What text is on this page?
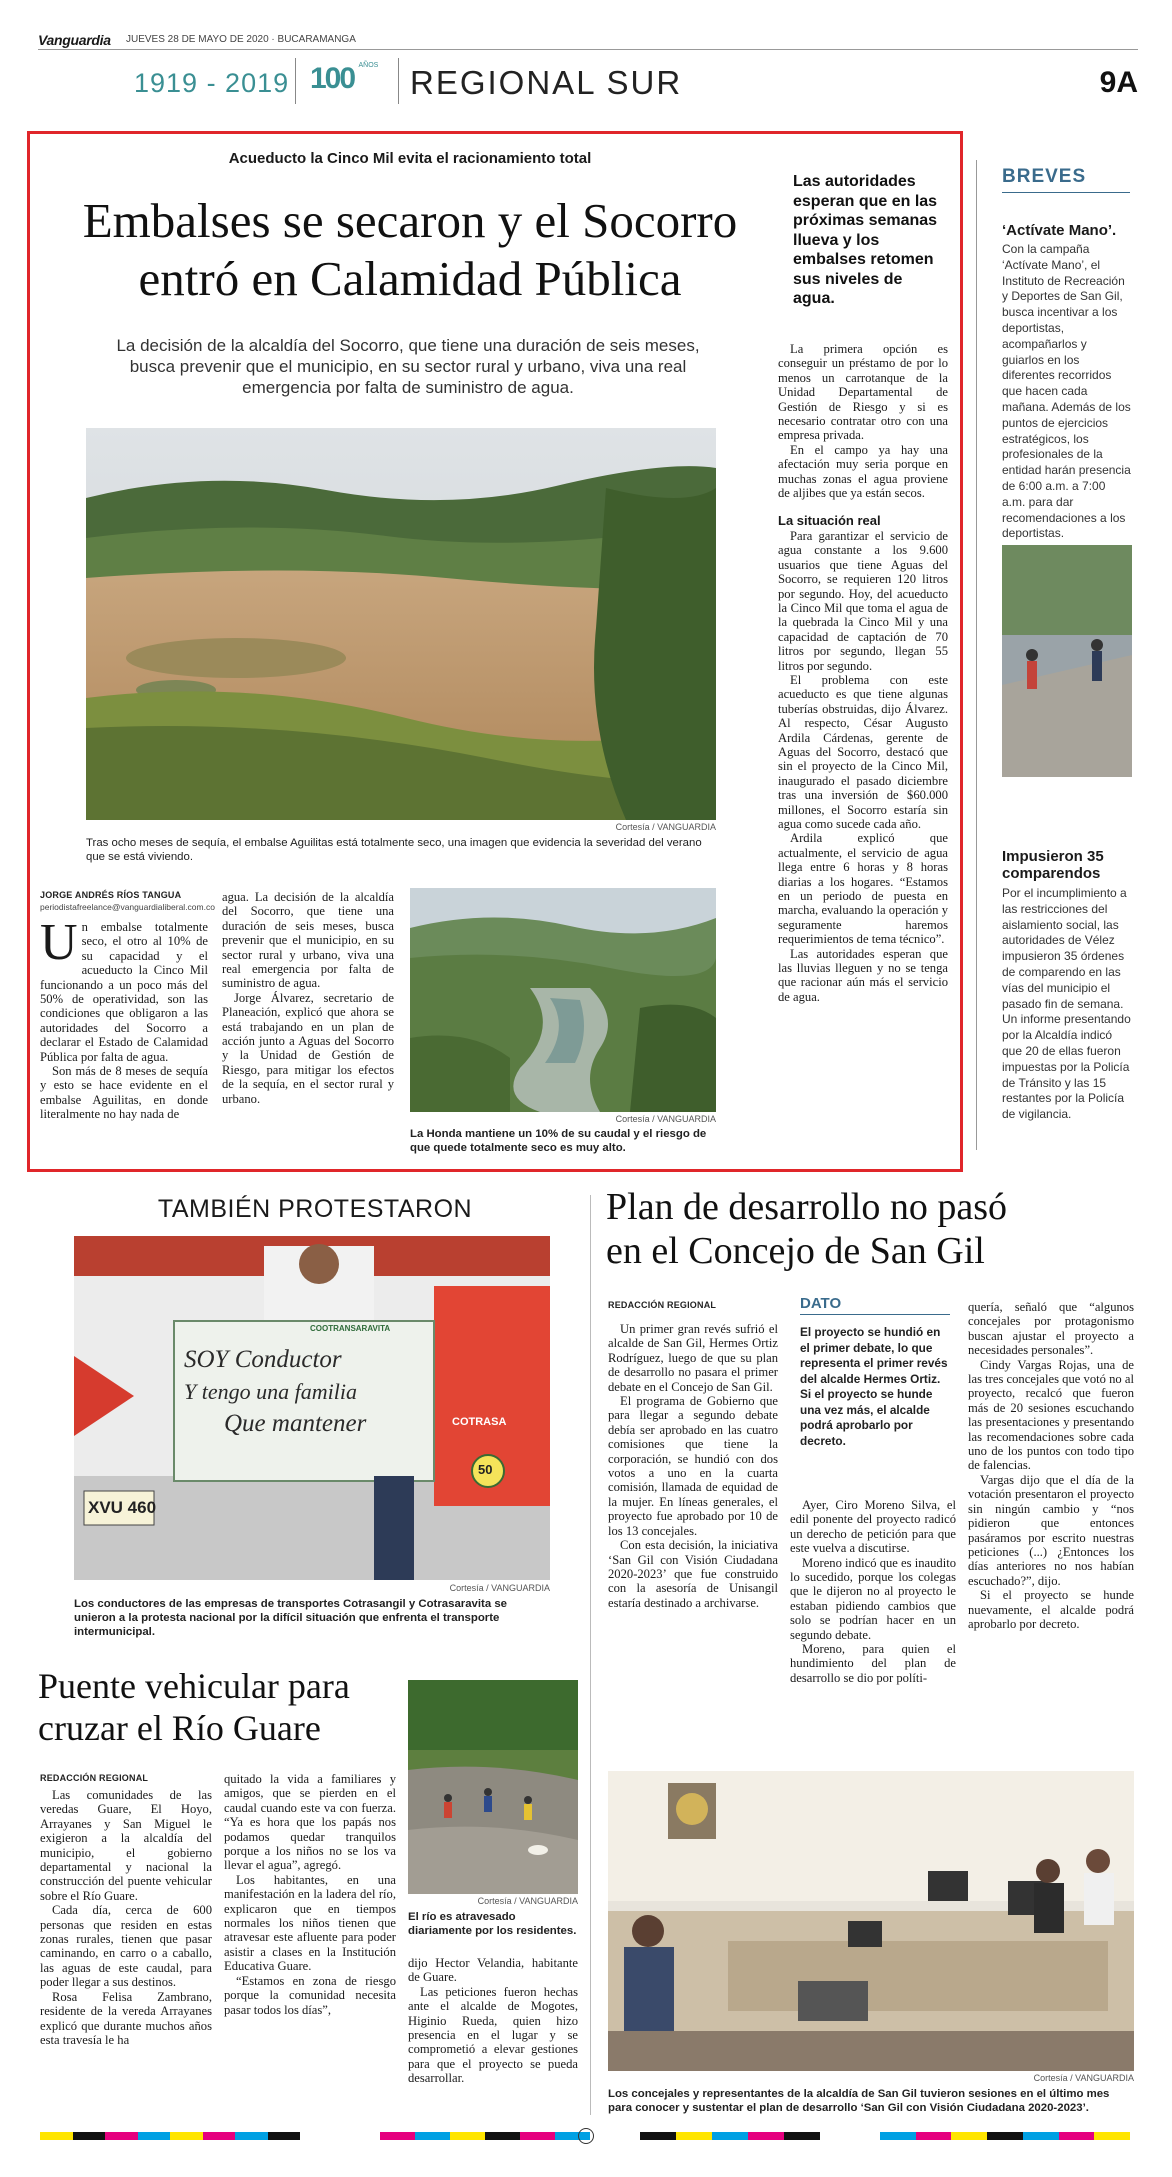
Vanguardia JUEVES 28 DE MAYO DE 2020 · BUCARAMANGA
1919 - 2019 100 $^{AÑOS}$ REGIONAL SUR	9A
Acueducto la Cinco Mil evita el racionamiento total
Embalses se secaron y el Socorro
entró en Calamidad Pública
La decisión de la alcaldía del Socorro, que tiene una duración de seis meses, busca prevenir que el municipio, en su sector rural y urbano, viva una real emergencia por falta de suministro de agua.
Cortesía / VANGUARDIA
Tras ocho meses de sequía, el embalse Aguilitas está totalmente seco, una imagen que evidencia la severidad del verano que se está viviendo.
JORGE ANDRÉS RÍOS TANGUA
periodistafreelance@vanguardialiberal.com.co

Un embalse totalmente seco, el otro al 10% de su capacidad y el acueducto la Cinco Mil funcionando a un poco más del 50% de operatividad, son las condiciones que obligaron a las autoridades del Socorro a declarar el Estado de Calamidad Pública por falta de agua.

Son más de 8 meses de sequía y esto se hace evidente en el embalse Aguilitas, en donde literalmente no hay nada de

agua. La decisión de la alcaldía del Socorro, que tiene una duración de seis meses, busca prevenir que el municipio, en su sector rural y urbano, viva una real emergencia por falta de suministro de agua.

Jorge Álvarez, secretario de Planeación, explicó que ahora se está trabajando en un plan de acción junto a Aguas del Socorro y la Unidad de Gestión de Riesgo, para mitigar los efectos de la sequía, en el sector rural y urbano.

Cortesía / VANGUARDIA
La Honda mantiene un 10% de su caudal y el riesgo de que quede totalmente seco es muy alto.
Las autoridades esperan que en las próximas semanas llueva y los embalses retomen sus niveles de agua.

La primera opción es conseguir un préstamo de por lo menos un carrotanque de la Unidad Departamental de Gestión de Riesgo y si es necesario contratar otro con una empresa privada.

En el campo ya hay una afectación muy seria porque en muchas zonas el agua proviene de aljibes que ya están secos.

La situación real

Para garantizar el servicio de agua constante a los 9.600 usuarios que tiene Aguas del Socorro, se requieren 120 litros por segundo. Hoy, del acueducto la Cinco Mil que toma el agua de la quebrada la Cinco Mil y una capacidad de captación de 70 litros por segundo, llegan 55 litros por segundo.

El problema con este acueducto es que tiene algunas tuberías obstruidas, dijo Álvarez. Al respecto, César Augusto Ardila Cárdenas, gerente de Aguas del Socorro, destacó que sin el proyecto de la Cinco Mil, inaugurado el pasado diciembre tras una inversión de $60.000 millones, el Socorro estaría sin agua como sucede cada año.

Ardila explicó que actualmente, el servicio de agua llega entre 6 horas y 8 horas diarias a los hogares. “Estamos en un periodo de puesta en marcha, evaluando la operación y seguramente haremos requerimientos de tema técnico”.

Las autoridades esperan que las lluvias lleguen y no se tenga que racionar aún más el servicio de agua.

BREVES
‘Actívate Mano’.
Con la campaña ‘Actívate Mano’, el Instituto de Recreación y Deportes de San Gil, busca incentivar a los deportistas, acompañarlos y guiarlos en los diferentes recorridos que hacen cada mañana. Además de los puntos de ejercicios estratégicos, los profesionales de la entidad harán presencia de 6:00 a.m. a 7:00 a.m. para dar recomendaciones a los deportistas.
Impusieron 35 comparendos
Por el incumplimiento a las restricciones del aislamiento social, las autoridades de Vélez impusieron 35 órdenes de comparendo en las vías del municipio el pasado fin de semana. Un informe presentando por la Alcaldía indicó que 20 de ellas fueron impuestas por la Policía de Tránsito y las 15 restantes por la Policía de vigilancia.
TAMBIÉN PROTESTARON
COOTRANSARAVITA
SOY Conductor
Y tengo una familia
Que mantener
XVU 460
50
COTRASA
Cortesía / VANGUARDIA
Los conductores de las empresas de transportes Cotrasangil y Cotrasaravita se unieron a la protesta nacional por la difícil situación que enfrenta el transporte intermunicipal.
Puente vehicular para
cruzar el Río Guare
REDACCIÓN REGIONAL

Las comunidades de las veredas Guare, El Hoyo, Arrayanes y San Miguel le exigieron a la alcaldía del municipio, el gobierno departamental y nacional la construcción del puente vehicular sobre el Río Guare.

Cada día, cerca de 600 personas que residen en estas zonas rurales, tienen que pasar caminando, en carro o a caballo, las aguas de este caudal, para poder llegar a sus destinos.

Rosa Felisa Zambrano, residente de la vereda Arrayanes explicó que durante muchos años esta travesía le ha

quitado la vida a familiares y amigos, que se pierden en el caudal cuando este va con fuerza. “Ya es hora que los papás nos podamos quedar tranquilos porque a los niños no se los va llevar el agua”, agregó.

Los habitantes, en una manifestación en la ladera del río, explicaron que en tiempos normales los niños tienen que atravesar este afluente para poder asistir a clases en la Institución Educativa Guare.

“Estamos en zona de riesgo porque la comunidad necesita pasar todos los días”,

Cortesía / VANGUARDIA
El río es atravesado diariamente por los residentes.

dijo Hector Velandia, habitante de Guare.

Las peticiones fueron hechas ante el alcalde de Mogotes, Higinio Rueda, quien hizo presencia en el lugar y se comprometió a elevar gestiones para que el proyecto se pueda desarrollar.

Plan de desarrollo no pasó
en el Concejo de San Gil
REDACCIÓN REGIONAL

Un primer gran revés sufrió el alcalde de San Gil, Hermes Ortiz Rodríguez, luego de que su plan de desarrollo no pasara el primer debate en el Concejo de San Gil.

El programa de Gobierno que para llegar a segundo debate debía ser aprobado en las cuatro comisiones que tiene la corporación, se hundió con dos votos a uno en la cuarta comisión, llamada de equidad de la mujer. En líneas generales, el proyecto fue aprobado por 10 de los 13 concejales.

Con esta decisión, la iniciativa ‘San Gil con Visión Ciudadana 2020-2023’ que fue construido con la asesoría de Unisangil estaría destinado a archivarse.

DATO
El proyecto se hundió en el primer debate, lo que representa el primer revés del alcalde Hermes Ortiz. Si el proyecto se hunde una vez más, el alcalde podrá aprobarlo por decreto.

Ayer, Ciro Moreno Silva, el edil ponente del proyecto radicó un derecho de petición para que este vuelva a discutirse.

Moreno indicó que es inaudito lo sucedido, porque los colegas que le dijeron no al proyecto le estaban pidiendo cambios que solo se podrían hacer en un segundo debate.

Moreno, para quien el hundimiento del plan de desarrollo se dio por políti-

quería, señaló que “algunos concejales por protagonismo buscan ajustar el proyecto a necesidades personales”.

Cindy Vargas Rojas, una de las tres concejales que votó no al proyecto, recalcó que fueron más de 20 sesiones escuchando las presentaciones y presentando las recomendaciones sobre cada uno de los puntos con todo tipo de falencias.

Vargas dijo que el día de la votación presentaron el proyecto sin ningún cambio y “nos pidieron que entonces pasáramos por escrito nuestras peticiones (...) ¿Entonces los días anteriores no nos habían escuchado?”, dijo.

Si el proyecto se hunde nuevamente, el alcalde podrá aprobarlo por decreto.

Cortesía / VANGUARDIA
Los concejales y representantes de la alcaldía de San Gil tuvieron sesiones en el último mes para conocer y sustentar el plan de desarrollo ‘San Gil con Visión Ciudadana 2020-2023’.
